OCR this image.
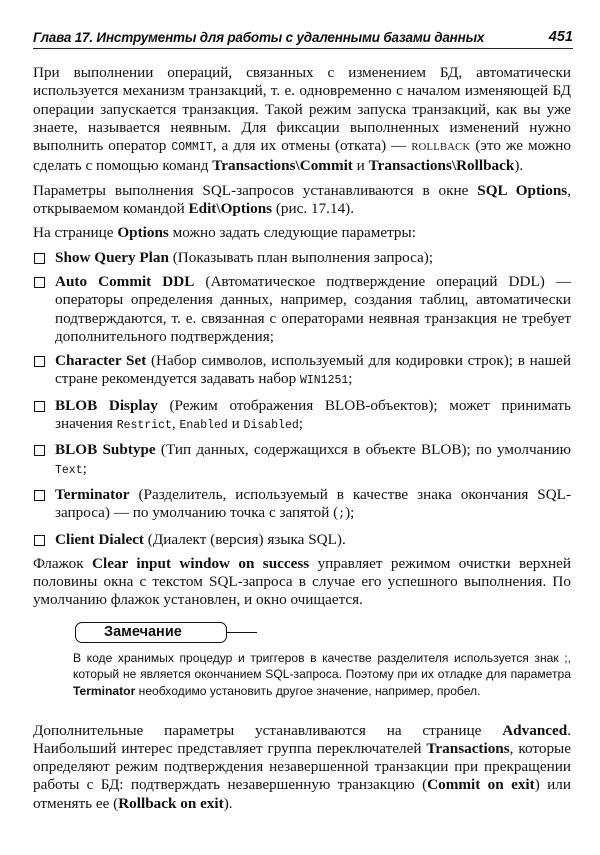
Глава 17. Инструменты для работы с удаленными базами данных	451

При выполнении операций, связанных с изменением БД, автоматически используется механизм транзакций, т. е. одновременно с началом изменяющей БД операции запускается транзакция. Такой режим запуска транзакций, как вы уже знаете, называется неявным. Для фиксации выполненных изменений нужно выполнить оператор COMMIT, а для их отмены (отката) — ROLLBACK (это же можно сделать с помощью команд Transactions\Commit и Transactions\Rollback).

Параметры выполнения SQL-запросов устанавливаются в окне SQL Options, открываемом командой Edit\Options (рис. 17.14).

На странице Options можно задать следующие параметры:

Show Query Plan (Показывать план выполнения запроса);
Auto Commit DDL (Автоматическое подтверждение операций DDL) — операторы определения данных, например, создания таблиц, автоматически подтверждаются, т. е. связанная с операторами неявная транзакция не требует дополнительного подтверждения;
Character Set (Набор символов, используемый для кодировки строк); в нашей стране рекомендуется задавать набор WIN1251;
BLOB Display (Режим отображения BLOB-объектов); может принимать значения Restrict, Enabled и Disabled;
BLOB Subtype (Тип данных, содержащихся в объекте BLOB); по умолчанию Text;
Terminator (Разделитель, используемый в качестве знака окончания SQL-запроса) — по умолчанию точка с запятой (;);
Client Dialect (Диалект (версия) языка SQL).

Флажок Clear input window on success управляет режимом очистки верхней половины окна с текстом SQL-запроса в случае его успешного выполнения. По умолчанию флажок установлен, и окно очищается.

Замечание
В коде хранимых процедур и триггеров в качестве разделителя используется знак ;, который не является окончанием SQL-запроса. Поэтому при их отладке для параметра Terminator необходимо установить другое значение, например, пробел.

Дополнительные параметры устанавливаются на странице Advanced. Наибольший интерес представляет группа переключателей Transactions, которые определяют режим подтверждения незавершенной транзакции при прекращении работы с БД: подтверждать незавершенную транзакцию (Commit on exit) или отменять ее (Rollback on exit).
